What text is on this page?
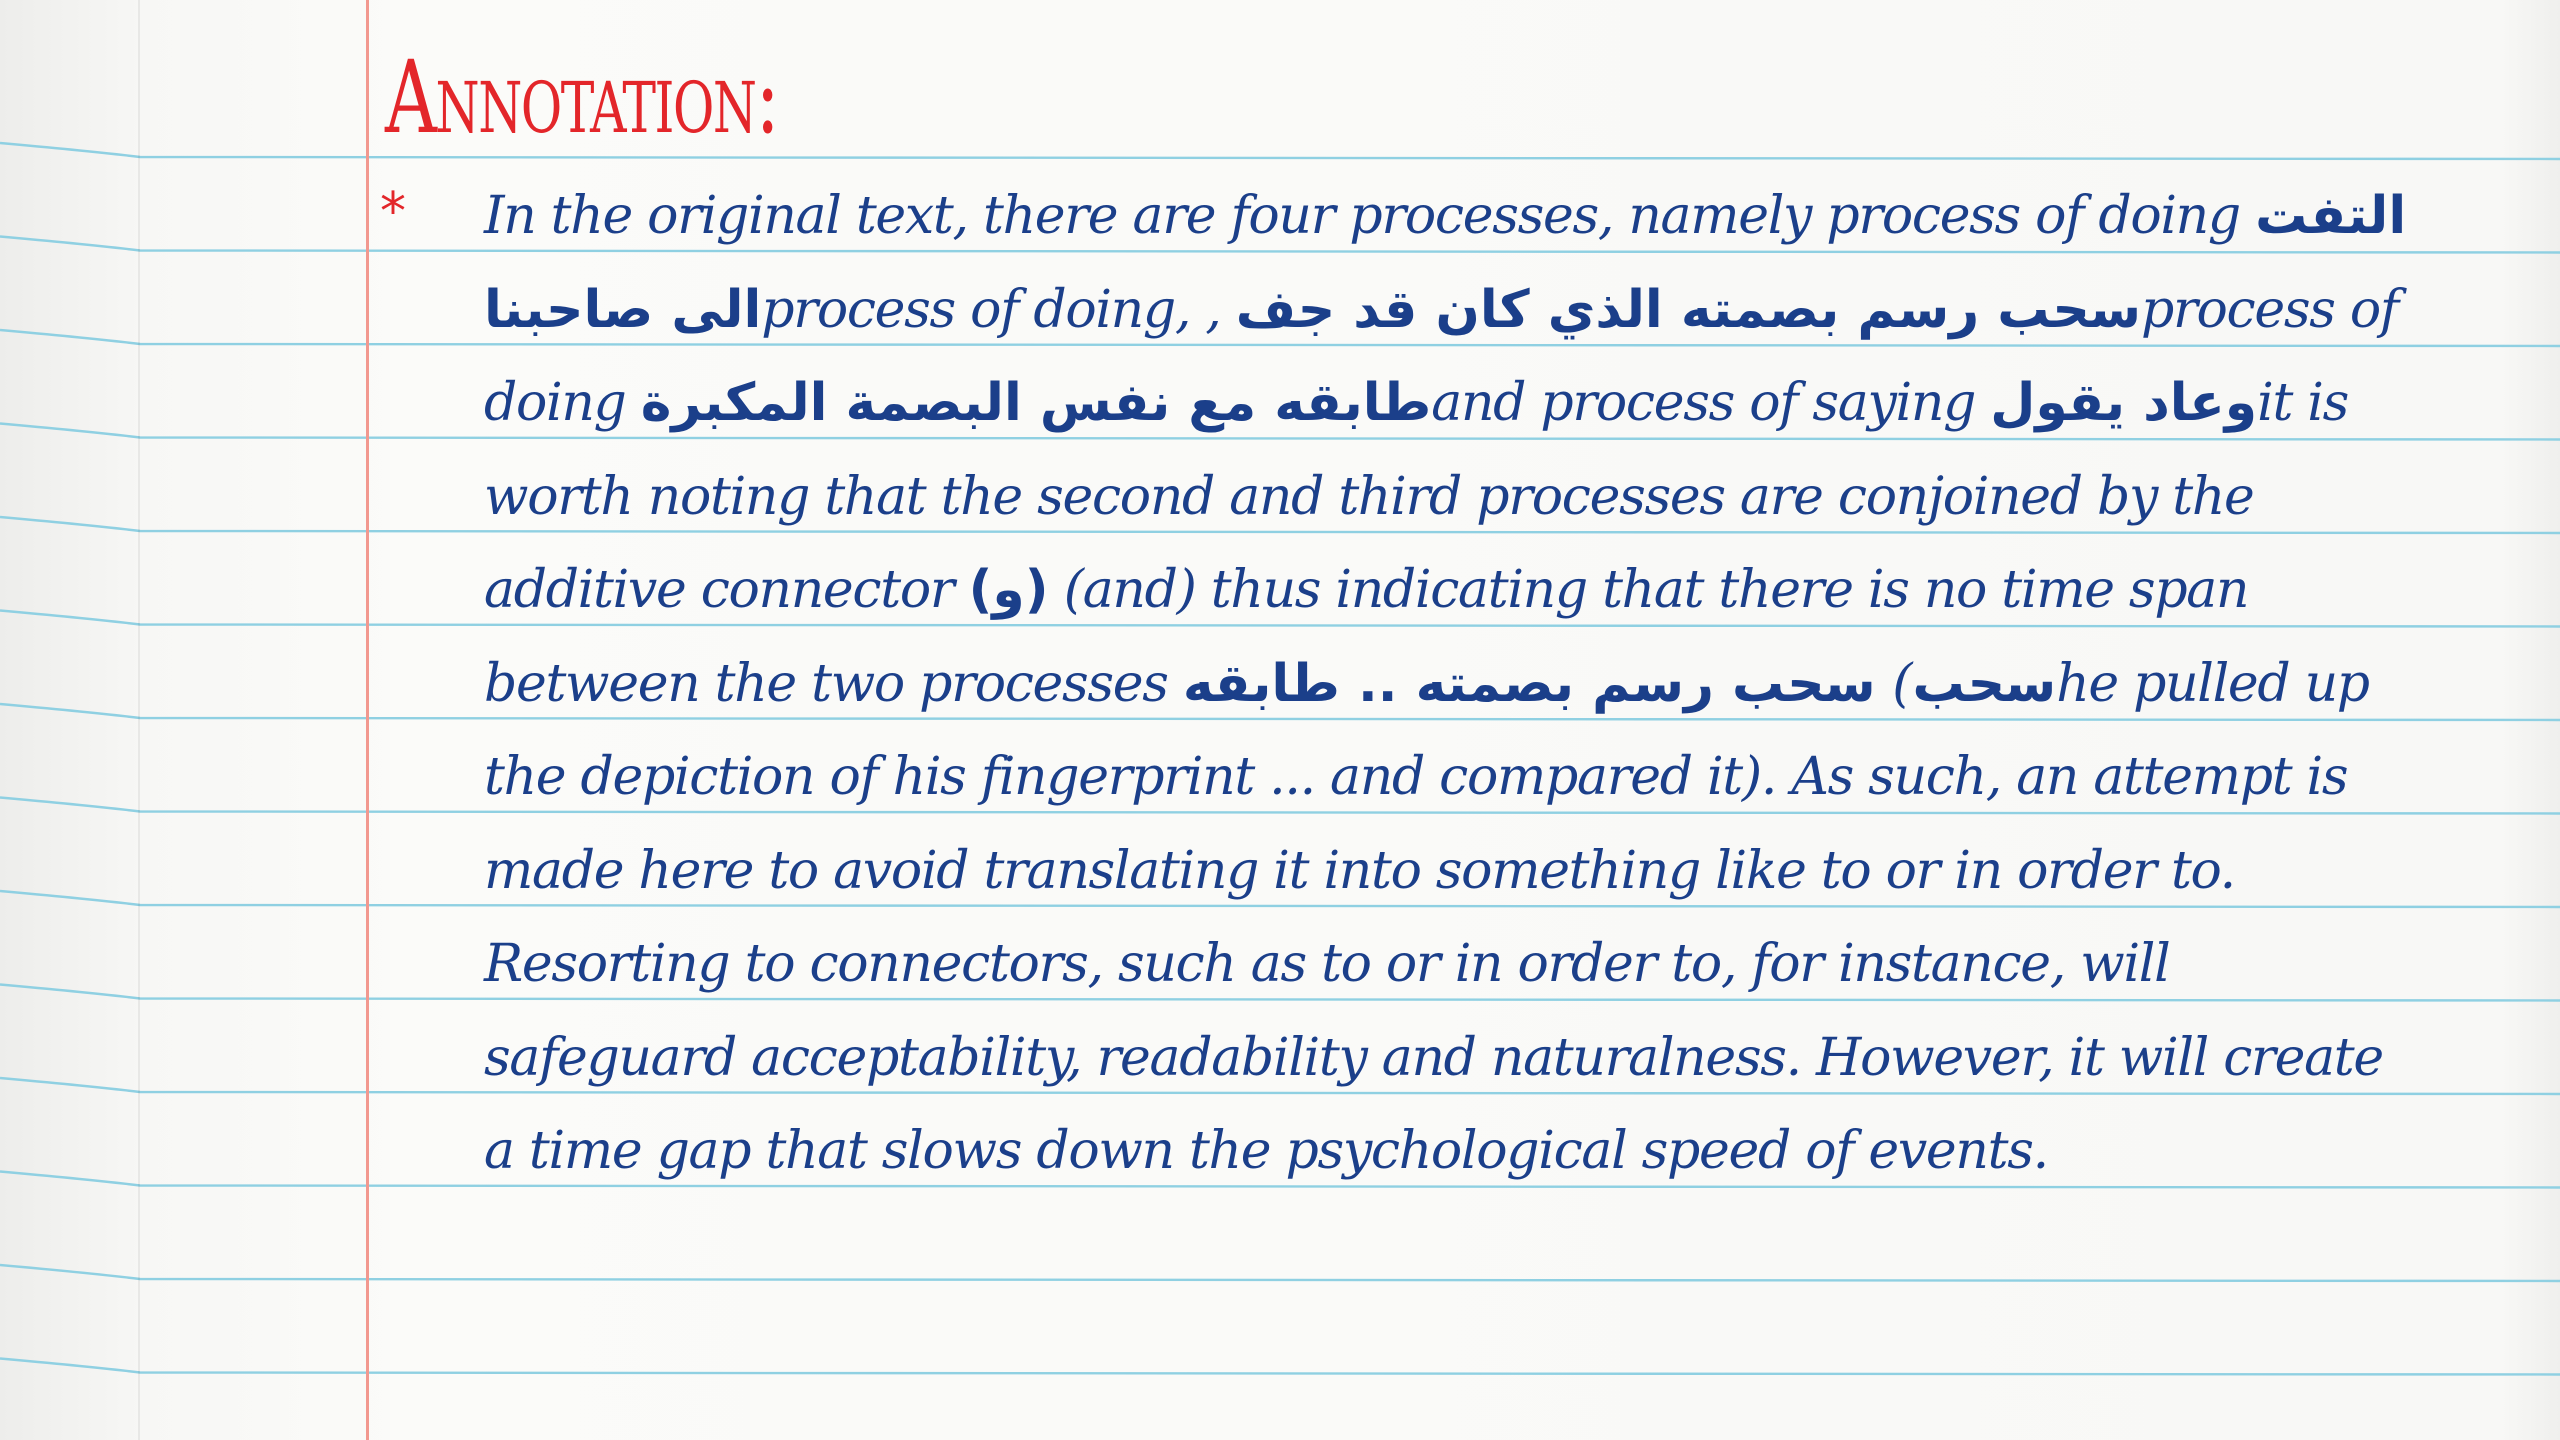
Annotation:
* In the original text, there are four processes, namely process of doing التفت
الى صاحبناprocess of doing, , سحب رسم بصمته الذي كان قد جفprocess of
doing طابقه مع نفس البصمة المكبرةand process of saying وعاد يقولit is
worth noting that the second and third processes are conjoined by the
additive connector (و) (and) thus indicating that there is no time span
between the two processes سحب رسم بصمته .. طابقه (سحبhe pulled up
the depiction of his fingerprint ... and compared it). As such, an attempt is
made here to avoid translating it into something like to or in order to.
Resorting to connectors, such as to or in order to, for instance, will
safeguard acceptability, readability and naturalness. However, it will create
a time gap that slows down the psychological speed of events.
